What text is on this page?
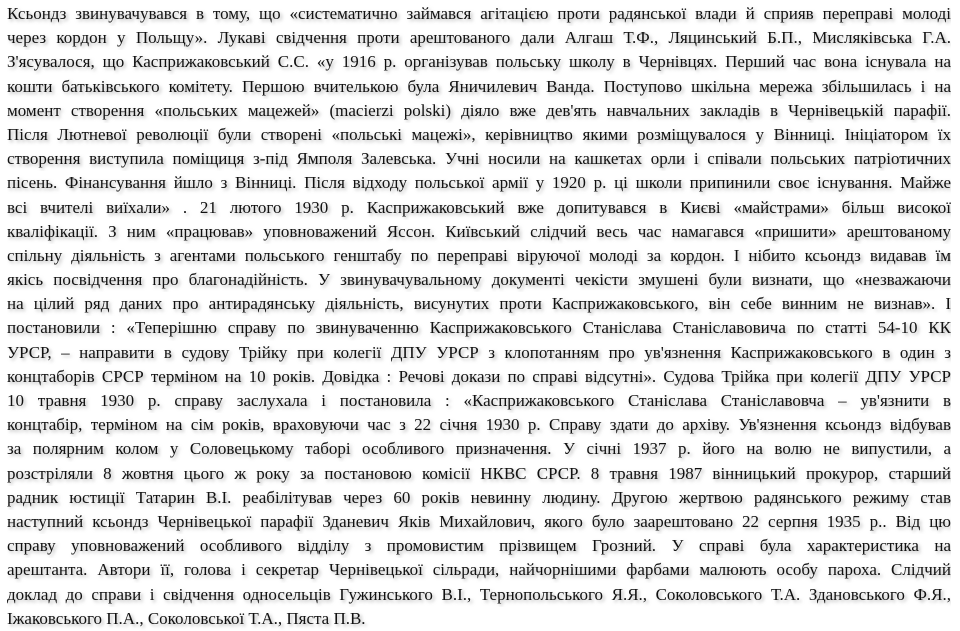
Ксьондз звинувачувався в тому, що «систематично займався агітацією проти радянської влади й сприяв переправі молоді
через кордон у Польщу». Лукаві свідчення проти арештованого дали Алгаш Т.Ф., Ляцинський Б.П., Мисляківська Г.А.
З'ясувалося, що Касприжаковський С.С. «у 1916 р. організував польську школу в Чернівцях. Перший час вона існувала на
кошти батьківського комітету. Першою вчителькою була Яничилевич Ванда. Поступово шкільна мережа збільшилась і на
момент створення «польських мацежей» (macierzi polski) діяло вже дев'ять навчальних закладів в Чернівецькій парафії.
Після Лютневої революції були створені «польські мацежі», керівництво якими розміщувалося у Вінниці. Ініціатором їх
створення виступила поміщиця з-під Ямполя Залевська. Учні носили на кашкетах орли і співали польських патріотичних
пісень. Фінансування йшло з Вінниці. Після відходу польської армії у 1920 р. ці школи припинили своє існування. Майже
всі вчителі виїхали» . 21 лютого 1930 р. Касприжаковський вже допитувався в Києві «майстрами» більш високої
кваліфікації. З ним «працював» уповноважений Яссон. Київський слідчий весь час намагався «пришити» арештованому
спільну діяльність з агентами польського генштабу по переправі віруючої молоді за кордон. І нібито ксьондз видавав їм
якісь посвідчення про благонадійність. У звинувачувальному документі чекісти змушені були визнати, що «незважаючи
на цілий ряд даних про антирадянську діяльність, висунутих проти Касприжаковського, він себе винним не визнав». І
постановили : «Теперішню справу по звинуваченню Касприжаковського Станіслава Станіславовича по статті 54-10 КК
УРСР, – направити в судову Трійку при колегії ДПУ УРСР з клопотанням про ув'язнення Касприжаковського в один з
концтаборів СРСР терміном на 10 років. Довідка : Речові докази по справі відсутні». Судова Трійка при колегії ДПУ УРСР
10 травня 1930 р. справу заслухала і постановила : «Касприжаковського Станіслава Станіславовча – ув'язнити в
концтабір, терміном на сім років, враховуючи час з 22 січня 1930 р. Справу здати до архіву. Ув'язнення ксьондз відбував
за полярним колом у Соловецькому таборі особливого призначення. У січні 1937 р. його на волю не випустили, а
розстріляли 8 жовтня цього ж року за постановою комісії НКВС СРСР. 8 травня 1987 вінницький прокурор, старший
радник юстиції Татарин В.І. реабілітував через 60 років невинну людину. Другою жертвою радянського режиму став
наступний ксьондз Чернівецької парафії Зданевич Яків Михайлович, якого було заарештовано 22 серпня 1935 р.. Від цю
справу уповноважений особливого відділу з промовистим прізвищем Грозний. У справі була характеристика на
арештанта. Автори її, голова і секретар Чернівецької сільради, найчорнішими фарбами малюють особу пароха. Слідчий
доклад до справи і свідчення односельців Гужинського В.І., Тернопольського Я.Я., Соколовського Т.А. Здановського Ф.Я.,
Іжаковського П.А., Соколовської Т.А., Пяста П.В.
